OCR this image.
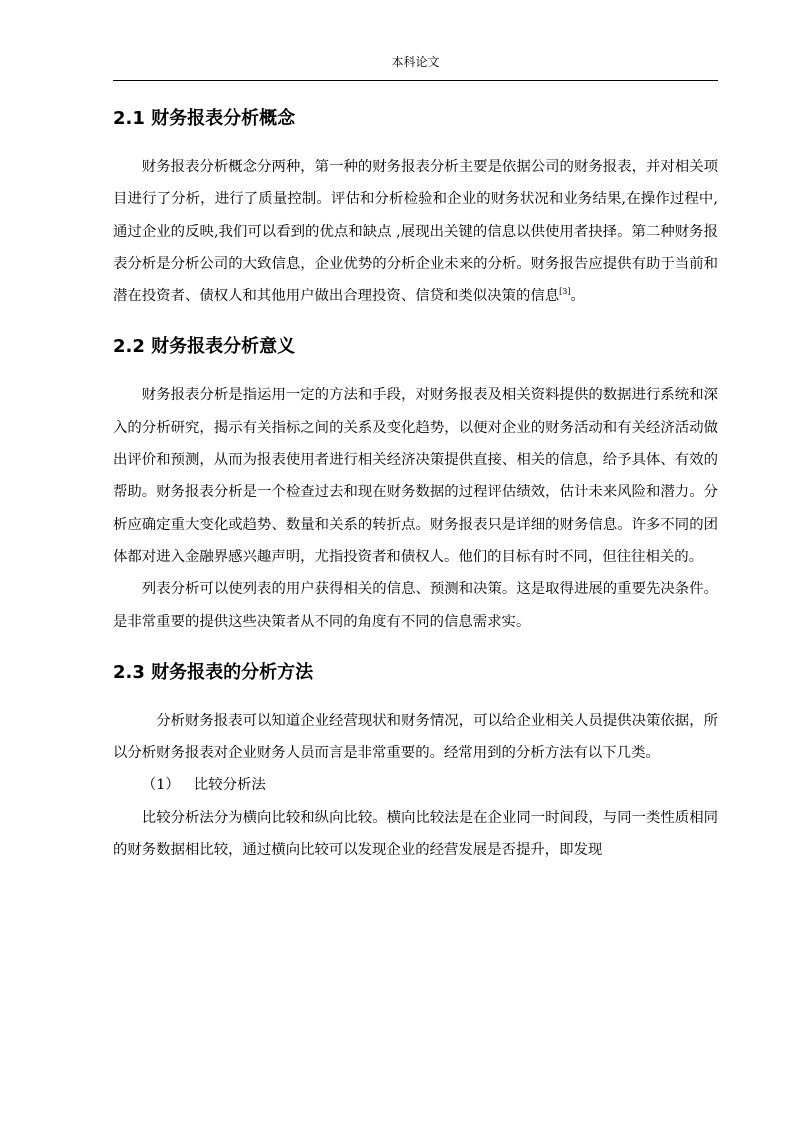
本科论文
2.1 财务报表分析概念

财务报表分析概念分两种，第一种的财务报表分析主要是依据公司的财务报表，并对相关项目进行了分析，进行了质量控制。评估和分析检验和企业的财务状况和业务结果,在操作过程中,通过企业的反映,我们可以看到的优点和缺点 ,展现出关键的信息以供使用者抉择。第二种财务报表分析是分析公司的大致信息，企业优势的分析企业未来的分析。财务报告应提供有助于当前和潜在投资者、债权人和其他用户做出合理投资、信贷和类似决策的信息[3]。

2.2 财务报表分析意义

财务报表分析是指运用一定的方法和手段，对财务报表及相关资料提供的数据进行系统和深入的分析研究，揭示有关指标之间的关系及变化趋势，以便对企业的财务活动和有关经济活动做出评价和预测，从而为报表使用者进行相关经济决策提供直接、相关的信息，给予具体、有效的帮助。财务报表分析是一个检查过去和现在财务数据的过程评估绩效，估计未来风险和潜力。分析应确定重大变化或趋势、数量和关系的转折点。财务报表只是详细的财务信息。许多不同的团体都对进入金融界感兴趣声明，尤指投资者和债权人。他们的目标有时不同，但往往相关的。

列表分析可以使列表的用户获得相关的信息、预测和决策。这是取得进展的重要先决条件。是非常重要的提供这些决策者从不同的角度有不同的信息需求实。

2.3 财务报表的分析方法

分析财务报表可以知道企业经营现状和财务情况，可以给企业相关人员提供决策依据，所以分析财务报表对企业财务人员而言是非常重要的。经常用到的分析方法有以下几类。

（1） 比较分析法

比较分析法分为横向比较和纵向比较。横向比较法是在企业同一时间段，与同一类性质相同的财务数据相比较，通过横向比较可以发现企业的经营发展是否提升，即发现
